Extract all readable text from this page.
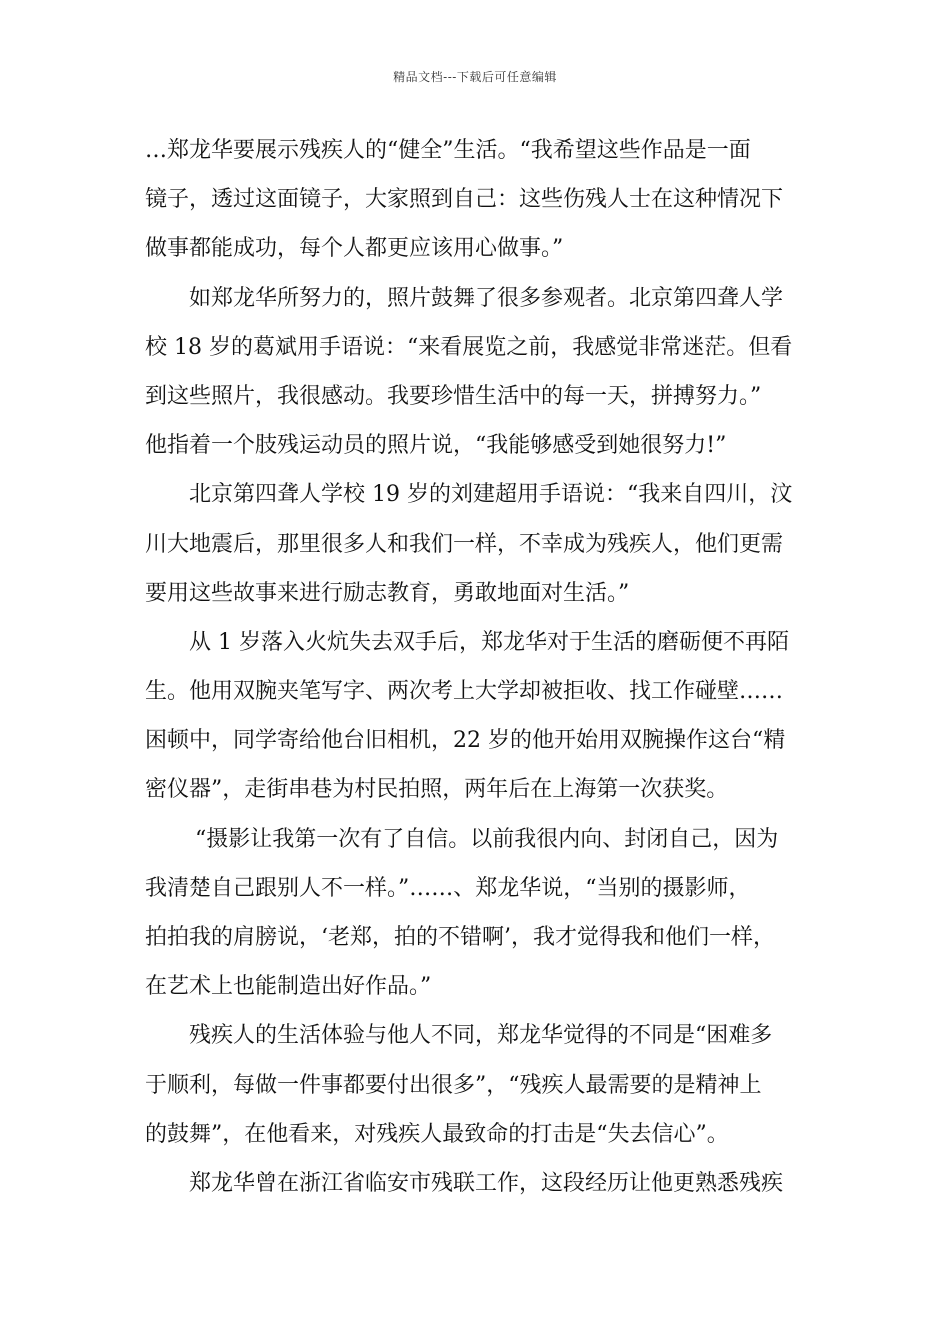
精品文档---下载后可任意编辑
…郑龙华要展示残疾人的“健全”生活。“我希望这些作品是一面
镜子，透过这面镜子，大家照到自己：这些伤残人士在这种情况下
做事都能成功，每个人都更应该用心做事。”
如郑龙华所努力的，照片鼓舞了很多参观者。北京第四聋人学
校 18 岁的葛斌用手语说：“来看展览之前，我感觉非常迷茫。但看
到这些照片，我很感动。我要珍惜生活中的每一天，拼搏努力。”
他指着一个肢残运动员的照片说，“我能够感受到她很努力!”
北京第四聋人学校 19 岁的刘建超用手语说：“我来自四川，汶
川大地震后，那里很多人和我们一样，不幸成为残疾人，他们更需
要用这些故事来进行励志教育，勇敢地面对生活。”
从 1 岁落入火炕失去双手后，郑龙华对于生活的磨砺便不再陌
生。他用双腕夹笔写字、两次考上大学却被拒收、找工作碰壁……
困顿中，同学寄给他台旧相机，22 岁的他开始用双腕操作这台“精
密仪器”，走街串巷为村民拍照，两年后在上海第一次获奖。
“摄影让我第一次有了自信。以前我很内向、封闭自己，因为
我清楚自己跟别人不一样。”……、郑龙华说，“当别的摄影师，
拍拍我的肩膀说，‘老郑，拍的不错啊’，我才觉得我和他们一样，
在艺术上也能制造出好作品。”
残疾人的生活体验与他人不同，郑龙华觉得的不同是“困难多
于顺利，每做一件事都要付出很多”，“残疾人最需要的是精神上
的鼓舞”，在他看来，对残疾人最致命的打击是“失去信心”。
郑龙华曾在浙江省临安市残联工作，这段经历让他更熟悉残疾
